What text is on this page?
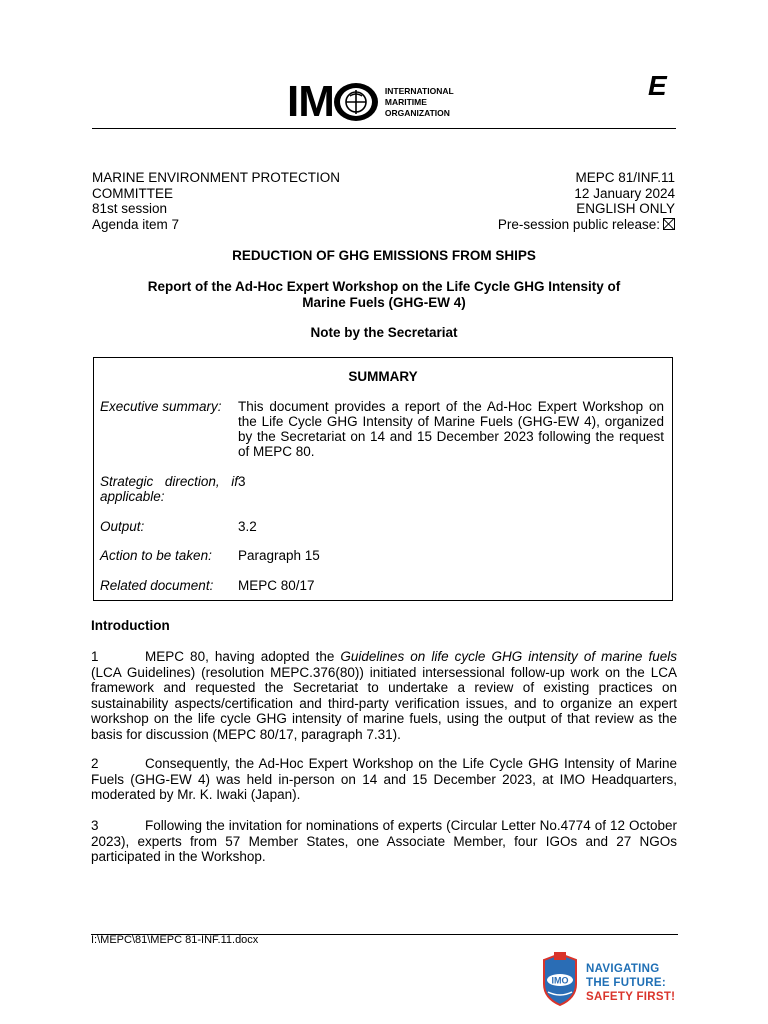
IM	INTERNATIONAL
MARITIME
ORGANIZATION
E
MARINE ENVIRONMENT PROTECTION
COMMITTEE
81st session
Agenda item 7
MEPC 81/INF.11
12 January 2024
ENGLISH ONLY
Pre-session public release:
REDUCTION OF GHG EMISSIONS FROM SHIPS
Report of the Ad-Hoc Expert Workshop on the Life Cycle GHG Intensity of
Marine Fuels (GHG-EW 4)
Note by the Secretariat
SUMMARY
Executive summary:	This document provides a report of the Ad-Hoc Expert Workshop on the Life Cycle GHG Intensity of Marine Fuels (GHG-EW 4), organized by the Secretariat on 14 and 15 December 2023 following the request of MEPC 80.
Strategic direction, if applicable:
3
Output:	3.2
Action to be taken:	Paragraph 15
Related document:	MEPC 80/17
Introduction
1	MEPC 80, having adopted the Guidelines on life cycle GHG intensity of marine fuels (LCA Guidelines) (resolution MEPC.376(80)) initiated intersessional follow-up work on the LCA framework and requested the Secretariat to undertake a review of existing practices on sustainability aspects/certification and third-party verification issues, and to organize an expert workshop on the life cycle GHG intensity of marine fuels, using the output of that review as the basis for discussion (MEPC 80/17, paragraph 7.31).
2	Consequently, the Ad-Hoc Expert Workshop on the Life Cycle GHG Intensity of Marine Fuels (GHG-EW 4) was held in-person on 14 and 15 December 2023, at IMO Headquarters, moderated by Mr. K. Iwaki (Japan).
3	Following the invitation for nominations of experts (Circular Letter No.4774 of 12 October 2023), experts from 57 Member States, one Associate Member, four IGOs and 27 NGOs participated in the Workshop.
I:\MEPC\81\MEPC 81-INF.11.docx
IMO
NAVIGATING
THE FUTURE:
SAFETY FIRST!
